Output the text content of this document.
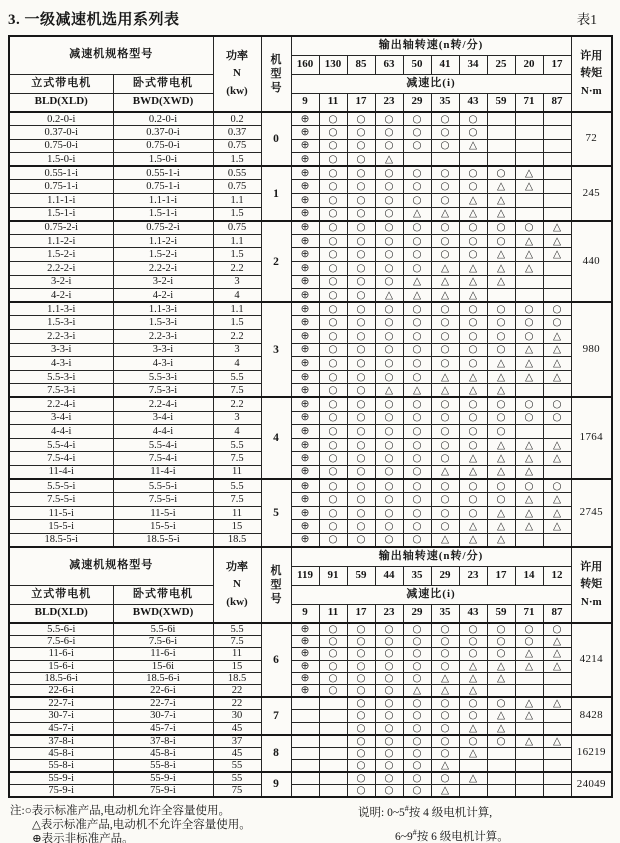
3. 一级减速机选用系列表	表1
减速机规格型号		功率
N
(kw)	机
型
号	输出轴转速(n转/分)										许用
转矩
N·m
				160	130	85	63	50	41	34	25	20	17	
立式带电机	卧式带电机			减速比(i)										
BLD(XLD)	BWD(XWD)			9	11	17	23	29	35	43	59	71	87	
0.2-0-i	0.2-0-i	0.2	0	⊕	○	○	○	○	○	○				72
0.37-0-i	0.37-0-i	0.37		⊕	○	○	○	○	○	○				
0.75-0-i	0.75-0-i	0.75		⊕	○	○	○	○	○	△				
1.5-0-i	1.5-0-i	1.5		⊕	○	○	△							
0.55-1-i	0.55-1-i	0.55	1	⊕	○	○	○	○	○	○	○	△		245
0.75-1-i	0.75-1-i	0.75		⊕	○	○	○	○	○	○	△	△		
1.1-1-i	1.1-1-i	1.1		⊕	○	○	○	○	○	△	△			
1.5-1-i	1.5-1-i	1.5		⊕	○	○	○	△	△	△	△			
0.75-2-i	0.75-2-i	0.75	2	⊕	○	○	○	○	○	○	○	○	△	440
1.1-2-i	1.1-2-i	1.1		⊕	○	○	○	○	○	○	○	△	△	
1.5-2-i	1.5-2-i	1.5		⊕	○	○	○	○	○	○	△	△	△	
2.2-2-i	2.2-2-i	2.2		⊕	○	○	○	○	△	△	△	△		
3-2-i	3-2-i	3		⊕	○	○	○	△	△	△	△			
4-2-i	4-2-i	4		⊕	○	○	△	△	△	△				
1.1-3-i	1.1-3-i	1.1	3	⊕	○	○	○	○	○	○	○	○	○	980
1.5-3-i	1.5-3-i	1.5		⊕	○	○	○	○	○	○	○	○	○	
2.2-3-i	2.2-3-i	2.2		⊕	○	○	○	○	○	○	○	○	△	
3-3-i	3-3-i	3		⊕	○	○	○	○	○	○	○	△	△	
4-3-i	4-3-i	4		⊕	○	○	○	○	○	○	△	△	△	
5.5-3-i	5.5-3-i	5.5		⊕	○	○	○	○	△	△	△	△	△	
7.5-3-i	7.5-3-i	7.5		⊕	○	○	△	△	△	△	△			
2.2-4-i	2.2-4-i	2.2	4	⊕	○	○	○	○	○	○	○	○	○	1764
3-4-i	3-4-i	3		⊕	○	○	○	○	○	○	○	○	○	
4-4-i	4-4-i	4		⊕	○	○	○	○	○	○	○			
5.5-4-i	5.5-4-i	5.5		⊕	○	○	○	○	○	○	△	△	△	
7.5-4-i	7.5-4-i	7.5		⊕	○	○	○	○	○	△	△	△	△	
11-4-i	11-4-i	11		⊕	○	○	○	○	△	△	△	△		
5.5-5-i	5.5-5-i	5.5	5	⊕	○	○	○	○	○	○	○	○	○	2745
7.5-5-i	7.5-5-i	7.5		⊕	○	○	○	○	○	○	○	△	△	
11-5-i	11-5-i	11		⊕	○	○	○	○	○	○	△	△	△	
15-5-i	15-5-i	15		⊕	○	○	○	○	○	△	△	△	△	
18.5-5-i	18.5-5-i	18.5		⊕	○	○	○	○	△	△	△			
减速机规格型号		功率
N
(kw)	机
型
号	输出轴转速(n转/分)										许用
转矩
N·m
				119	91	59	44	35	29	23	17	14	12	
立式带电机	卧式带电机			减速比(i)										
BLD(XLD)	BWD(XWD)			9	11	17	23	29	35	43	59	71	87	
5.5-6-i	5.5-6i	5.5	6	⊕	○	○	○	○	○	○	○	○	○	4214
7.5-6-i	7.5-6-i	7.5		⊕	○	○	○	○	○	○	○	○	△	
11-6-i	11-6-i	11		⊕	○	○	○	○	○	○	○	△	△	
15-6-i	15-6i	15		⊕	○	○	○	○	○	△	△	△	△	
18.5-6-i	18.5-6-i	18.5		⊕	○	○	○	○	△	△	△			
22-6-i	22-6-i	22		⊕	○	○	○	△	△	△				
22-7-i	22-7-i	22	7			○	○	○	○	○	○	△	△	8428
30-7-i	30-7-i	30				○	○	○	○	○	△	△		
45-7-i	45-7-i	45				○	○	○	○	△	△			
37-8-i	37-8-i	37	8			○	○	○	○	○	○	△	△	16219
45-8-i	45-8-i	45				○	○	○	○	△				
55-8-i	55-8-i	55				○	○	○	△					
55-9-i	55-9-i	55	9			○	○	○	○	△				24049
75-9-i	75-9-i	75				○	○	○	△					
注:○表示标准产品,电动机允许全容量使用。
△表示标准产品,电动机不允许全容量使用。
⊕表示非标准产品。
说明: 0~5#按 4 级电机计算,
6~9#按 6 级电机计算。
